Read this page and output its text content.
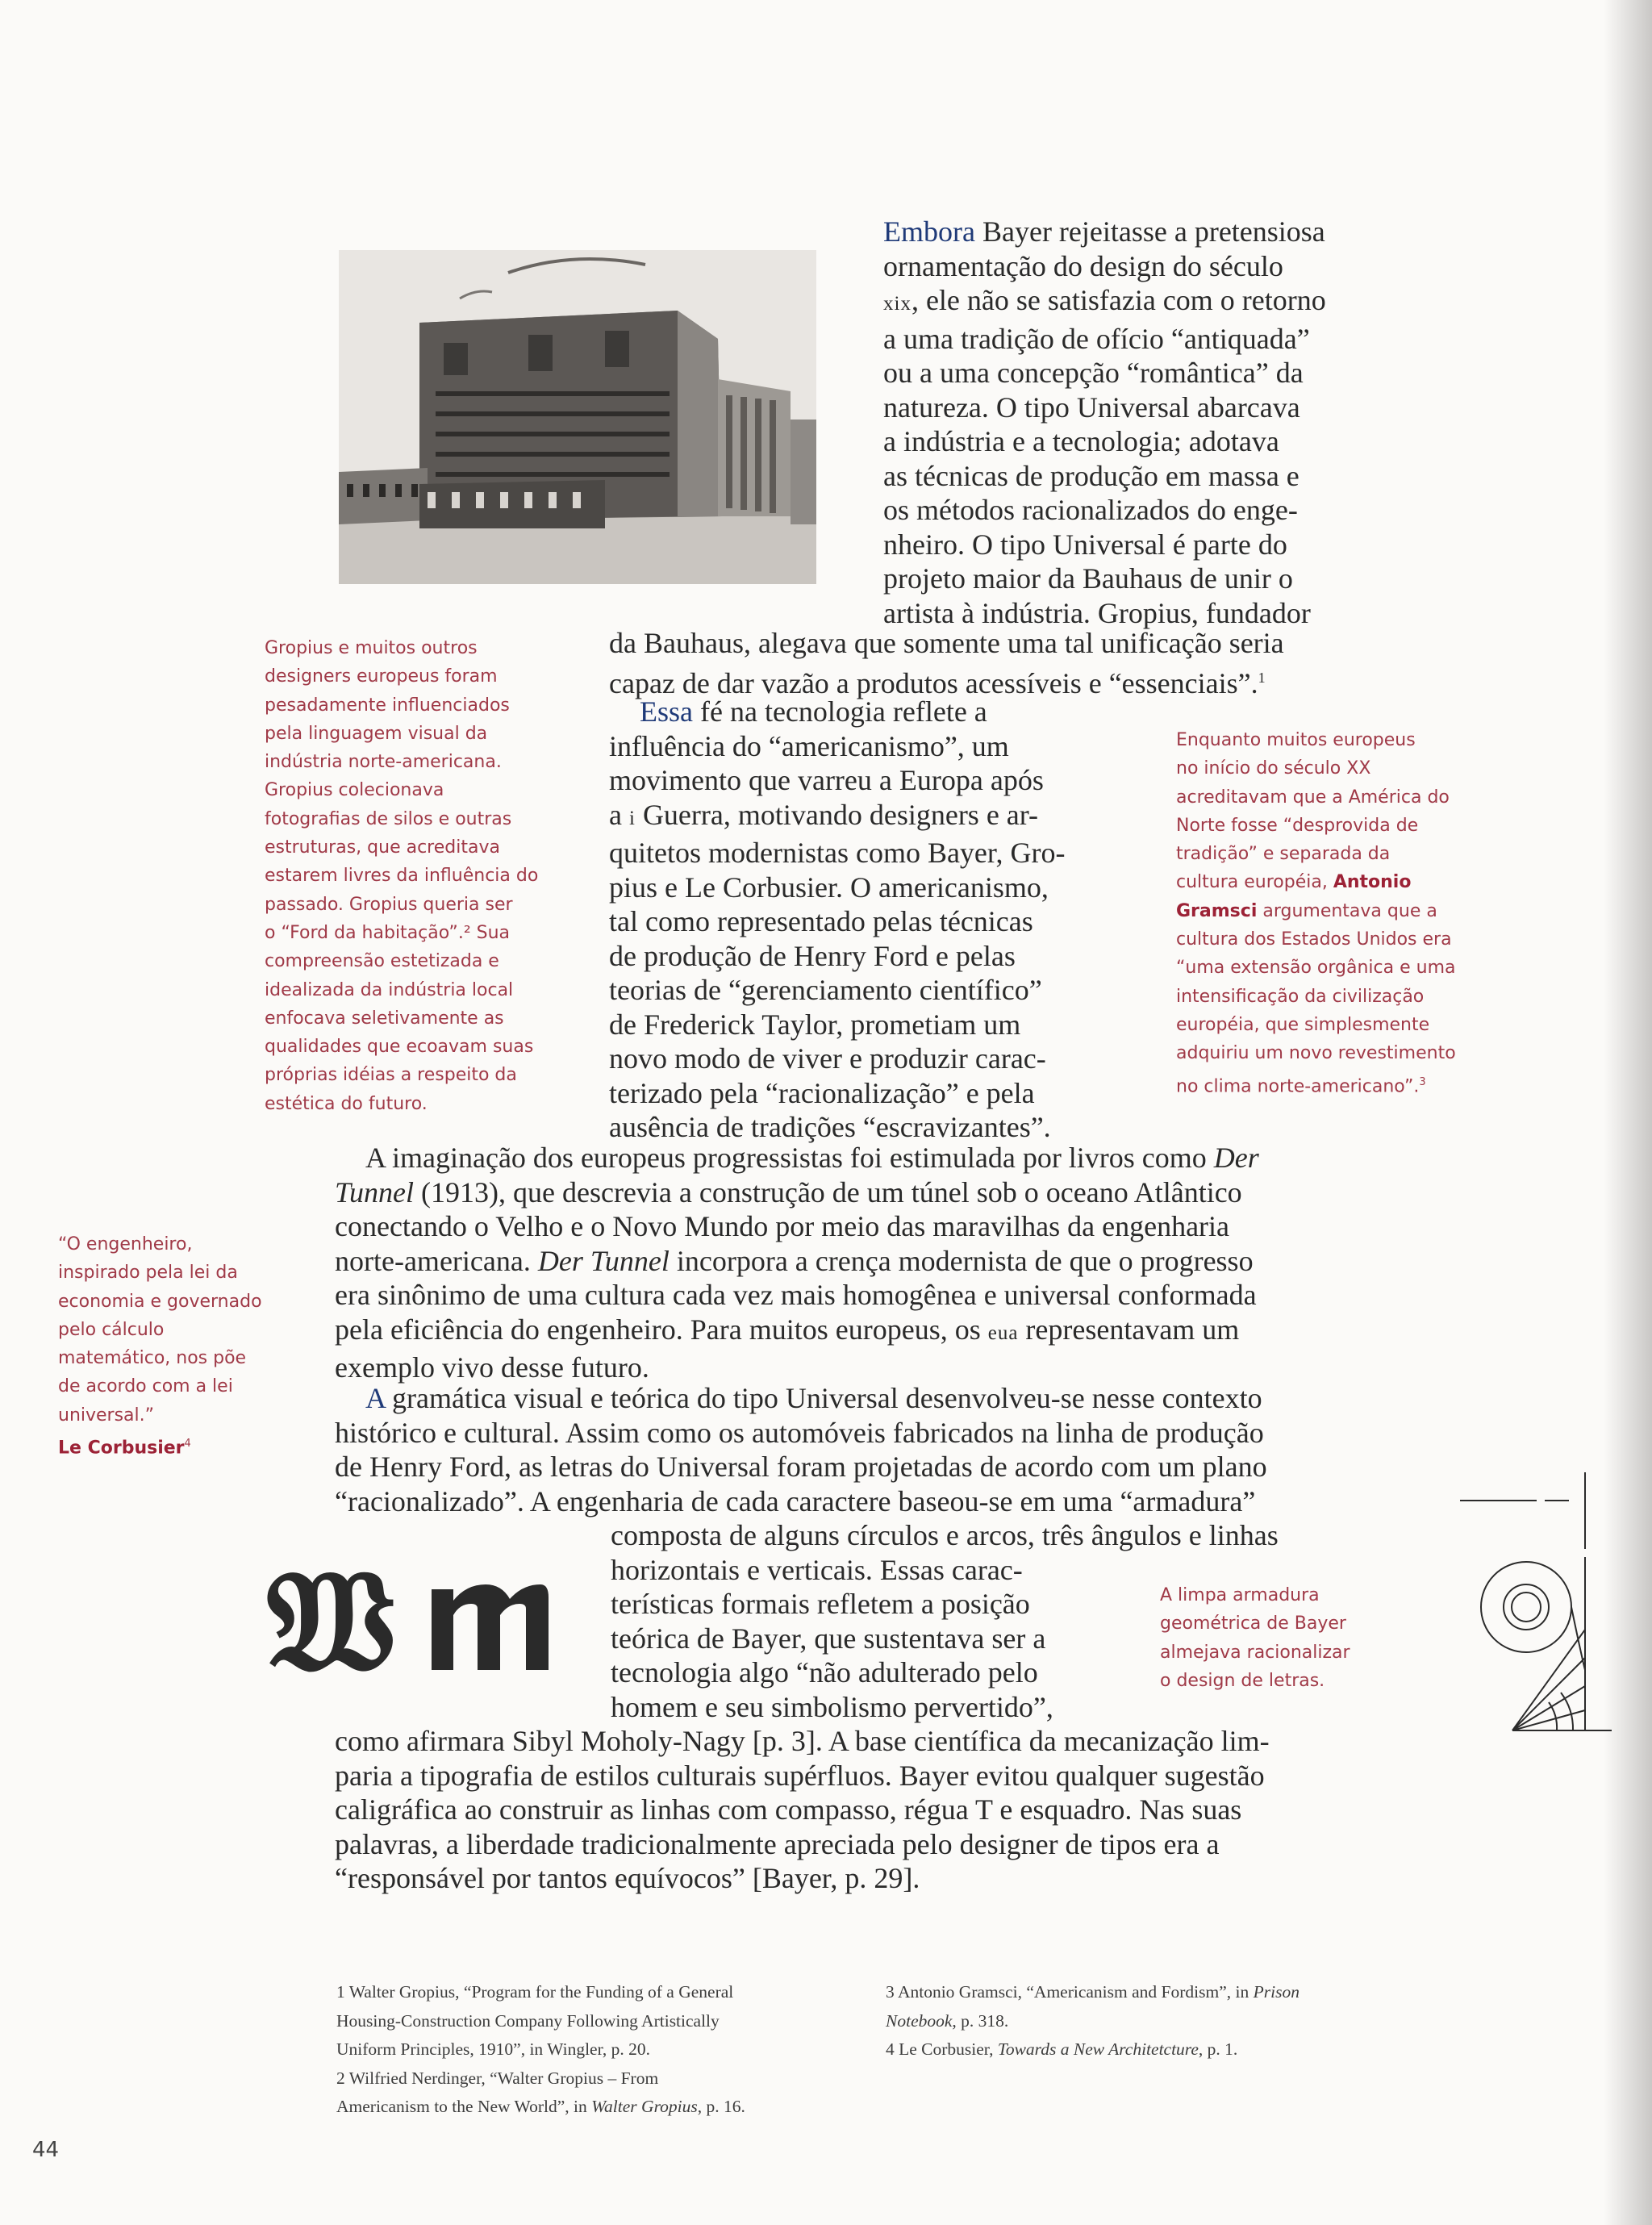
Gropius e muitos outros
designers europeus foram
pesadamente influenciados
pela linguagem visual da
indústria norte-americana.
Gropius colecionava
fotografias de silos e outras
estruturas, que acreditava
estarem livres da influência do
passado. Gropius queria ser
o “Ford da habitação”.² Sua
compreensão estetizada e
idealizada da indústria local
enfocava seletivamente as
qualidades que ecoavam suas
próprias idéias a respeito da
estética do futuro.
“O engenheiro,
inspirado pela lei da
economia e governado
pelo cálculo
matemático, nos põe
de acordo com a lei
universal.”
Le Corbusier$^4$
Enquanto muitos europeus
no início do século XX
acreditavam que a América do
Norte fosse “desprovida de
tradição” e separada da
cultura européia, Antonio
Gramsci argumentava que a
cultura dos Estados Unidos era
“uma extensão orgânica e uma
intensificação da civilização
européia, que simplesmente
adquiriu um novo revestimento
no clima norte-americano”.$^3$
A limpa armadura
geométrica de Bayer
almejava racionalizar
o design de letras.
Embora Bayer rejeitasse a pretensiosa
ornamentação do design do século
xix, ele não se satisfazia com o retorno
a uma tradição de ofício “antiquada”
ou a uma concepção “romântica” da
natureza. O tipo Universal abarcava
a indústria e a tecnologia; adotava
as técnicas de produção em massa e
os métodos racionalizados do enge-
nheiro. O tipo Universal é parte do
projeto maior da Bauhaus de unir o
artista à indústria. Gropius, fundador
da Bauhaus, alegava que somente uma tal unificação seria
capaz de dar vazão a produtos acessíveis e “essenciais”.$^1$
Essa fé na tecnologia reflete a
influência do “americanismo”, um
movimento que varreu a Europa após
a i Guerra, motivando designers e ar-
quitetos modernistas como Bayer, Gro-
pius e Le Corbusier. O americanismo,
tal como representado pelas técnicas
de produção de Henry Ford e pelas
teorias de “gerenciamento científico”
de Frederick Taylor, prometiam um
novo modo de viver e produzir carac-
terizado pela “racionalização” e pela
ausência de tradições “escravizantes”.
A imaginação dos europeus progressistas foi estimulada por livros como Der
Tunnel (1913), que descrevia a construção de um túnel sob o oceano Atlântico
conectando o Velho e o Novo Mundo por meio das maravilhas da engenharia
norte-americana. Der Tunnel incorpora a crença modernista de que o progresso
era sinônimo de uma cultura cada vez mais homogênea e universal conformada
pela eficiência do engenheiro. Para muitos europeus, os eua representavam um
exemplo vivo desse futuro.
A gramática visual e teórica do tipo Universal desenvolveu-se nesse contexto
histórico e cultural. Assim como os automóveis fabricados na linha de produção
de Henry Ford, as letras do Universal foram projetadas de acordo com um plano
“racionalizado”. A engenharia de cada caractere baseou-se em uma “armadura”
composta de alguns círculos e arcos, três ângulos e linhas
horizontais e verticais. Essas carac-
terísticas formais refletem a posição
teórica de Bayer, que sustentava ser a
tecnologia algo “não adulterado pelo
homem e seu simbolismo pervertido”,
como afirmara Sibyl Moholy-Nagy [p. 3]. A base científica da mecanização lim-
paria a tipografia de estilos culturais supérfluos. Bayer evitou qualquer sugestão
caligráfica ao construir as linhas com compasso, régua T e esquadro. Nas suas
palavras, a liberdade tradicionalmente apreciada pelo designer de tipos era a
“responsável por tantos equívocos” [Bayer, p. 29].
𝔚

1 Walter Gropius, “Program for the Funding of a General

Housing-Construction Company Following Artistically

Uniform Principles, 1910”, in Wingler, p. 20.

2 Wilfried Nerdinger, “Walter Gropius – From

Americanism to the New World”, in Walter Gropius, p. 16.

3 Antonio Gramsci, “Americanism and Fordism”, in Prison

Notebook, p. 318.

4 Le Corbusier, Towards a New Architetcture, p. 1.

44
